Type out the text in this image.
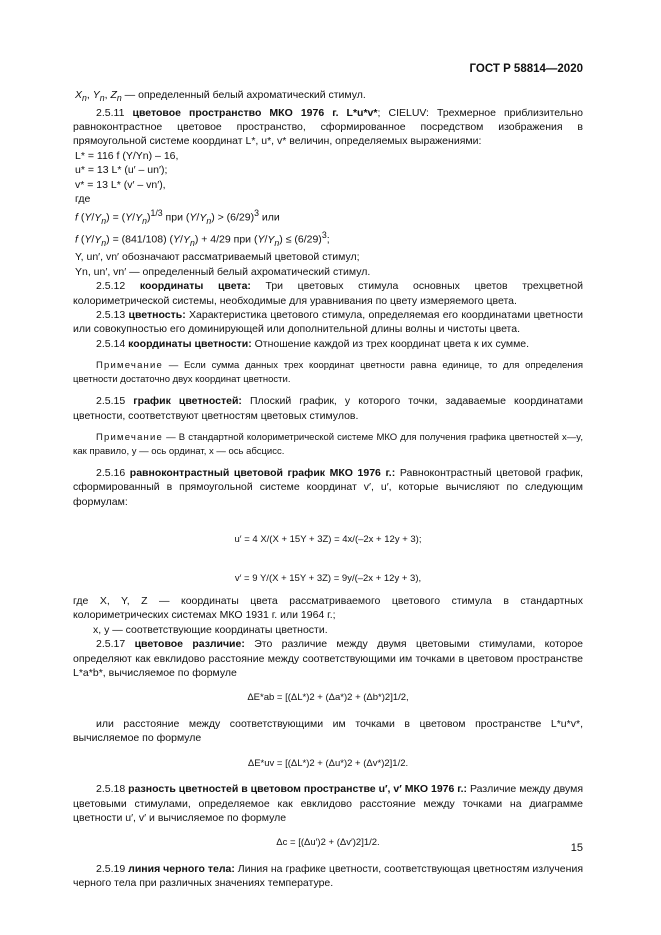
ГОСТ Р 58814—2020

$X_n$, $Y_n$, $Z_n$ — определенный белый ахроматический стимул.

2.5.11 цветовое пространство МКО 1976 г. L*u*v*; CIELUV: Трехмерное приблизительно равноконтрастное цветовое пространство, сформированное посредством изображения в прямоугольной системе координат L*, u*, v* величин, определяемых выражениями:

L* = 116 f (Y/Yn) – 16,

u* = 13 L* (u′ – un′);

v* = 13 L* (v′ – vn′),

где

f $(Y/Y_n) = (Y/Y_n)^{1/3}$ при $(Y/Y_n) > (6/29)^3$ или

f $(Y/Y_n) = (841/108) (Y/Y_n) + 4/29$ при $(Y/Y_n) \le (6/29)^3$;

Y, un′, vn′ обозначают рассматриваемый цветовой стимул;

Yn, un′, vn′ — определенный белый ахроматический стимул.

2.5.12 координаты цвета: Три цветовых стимула основных цветов трехцветной колориметрической системы, необходимые для уравнивания по цвету измеряемого цвета.

2.5.13 цветность: Характеристика цветового стимула, определяемая его координатами цветности или совокупностью его доминирующей или дополнительной длины волны и чистоты цвета.

2.5.14 координаты цветности: Отношение каждой из трех координат цвета к их сумме.

Примечание — Если сумма данных трех координат цветности равна единице, то для определения цветности достаточно двух координат цветности.

2.5.15 график цветностей: Плоский график, у которого точки, задаваемые координатами цветности, соответствуют цветностям цветовых стимулов.

Примечание — В стандартной колориметрической системе МКО для получения графика цветностей x—y, как правило, y — ось ординат, x — ось абсцисс.

2.5.16 равноконтрастный цветовой график МКО 1976 г.: Равноконтрастный цветовой график, сформированный в прямоугольной системе координат v′, u′, которые вычисляют по следующим формулам:

u′ = 4 X/(X + 15Y + 3Z) = 4x/(–2x + 12y + 3);

v′ = 9 Y/(X + 15Y + 3Z) = 9y/(–2x + 12y + 3),

где X, Y, Z — координаты цвета рассматриваемого цветового стимула в стандартных колориметрических системах МКО 1931 г. или 1964 г.;

x, y — соответствующие координаты цветности.

2.5.17 цветовое различие: Это различие между двумя цветовыми стимулами, которое определяют как евклидово расстояние между соответствующими им точками в цветовом пространстве L*a*b*, вычисляемое по формуле

ΔE*ab = [(ΔL*)2 + (Δa*)2 + (Δb*)2]1/2,

или расстояние между соответствующими им точками в цветовом пространстве L*u*v*, вычисляемое по формуле

ΔE*uv = [(ΔL*)2 + (Δu*)2 + (Δv*)2]1/2.

2.5.18 разность цветностей в цветовом пространстве u′, v′ МКО 1976 г.: Различие между двумя цветовыми стимулами, определяемое как евклидово расстояние между точками на диаграмме цветности u′, v′ и вычисляемое по формуле

Δc = [(Δu′)2 + (Δv′)2]1/2.

2.5.19 линия черного тела: Линия на графике цветности, соответствующая цветностям излучения черного тела при различных значениях температуре.

15
